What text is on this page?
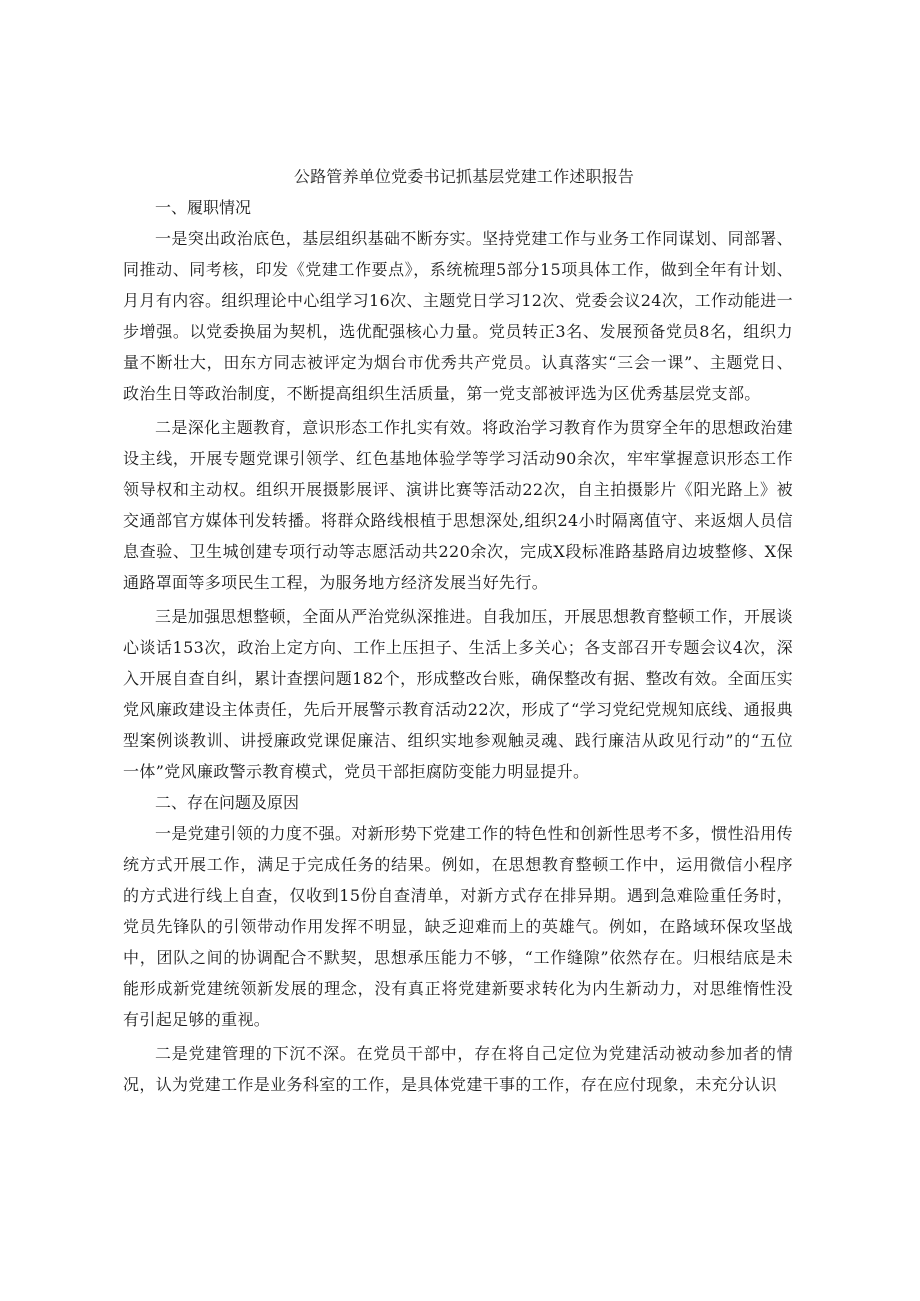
公路管养单位党委书记抓基层党建工作述职报告
一、履职情况

一是突出政治底色，基层组织基础不断夯实。坚持党建工作与业务工作同谋划、同部署、同推动、同考核，印发《党建工作要点》，系统梳理5部分15项具体工作，做到全年有计划、月月有内容。组织理论中心组学习16次、主题党日学习12次、党委会议24次，工作动能进一步增强。以党委换届为契机，选优配强核心力量。党员转正3名、发展预备党员8名，组织力量不断壮大，田东方同志被评定为烟台市优秀共产党员。认真落实“三会一课”、主题党日、政治生日等政治制度，不断提高组织生活质量，第一党支部被评选为区优秀基层党支部。

二是深化主题教育，意识形态工作扎实有效。将政治学习教育作为贯穿全年的思想政治建设主线，开展专题党课引领学、红色基地体验学等学习活动90余次，牢牢掌握意识形态工作领导权和主动权。组织开展摄影展评、演讲比赛等活动22次，自主拍摄影片《阳光路上》被交通部官方媒体刊发转播。将群众路线根植于思想深处,组织24小时隔离值守、来返烟人员信息查验、卫生城创建专项行动等志愿活动共220余次，完成X段标准路基路肩边坡整修、X保通路罩面等多项民生工程，为服务地方经济发展当好先行。

三是加强思想整顿，全面从严治党纵深推进。自我加压，开展思想教育整顿工作，开展谈心谈话153次，政治上定方向、工作上压担子、生活上多关心；各支部召开专题会议4次，深入开展自查自纠，累计查摆问题182个，形成整改台账，确保整改有据、整改有效。全面压实党风廉政建设主体责任，先后开展警示教育活动22次，形成了“学习党纪党规知底线、通报典型案例谈教训、讲授廉政党课促廉洁、组织实地参观触灵魂、践行廉洁从政见行动”的“五位一体”党风廉政警示教育模式，党员干部拒腐防变能力明显提升。

二、存在问题及原因

一是党建引领的力度不强。对新形势下党建工作的特色性和创新性思考不多，惯性沿用传统方式开展工作，满足于完成任务的结果。例如，在思想教育整顿工作中，运用微信小程序的方式进行线上自查，仅收到15份自查清单，对新方式存在排异期。遇到急难险重任务时，党员先锋队的引领带动作用发挥不明显，缺乏迎难而上的英雄气。例如，在路域环保攻坚战中，团队之间的协调配合不默契，思想承压能力不够，“工作缝隙”依然存在。归根结底是未能形成新党建统领新发展的理念，没有真正将党建新要求转化为内生新动力，对思维惰性没有引起足够的重视。

二是党建管理的下沉不深。在党员干部中，存在将自己定位为党建活动被动参加者的情况，认为党建工作是业务科室的工作，是具体党建干事的工作，存在应付现象，未充分认识
